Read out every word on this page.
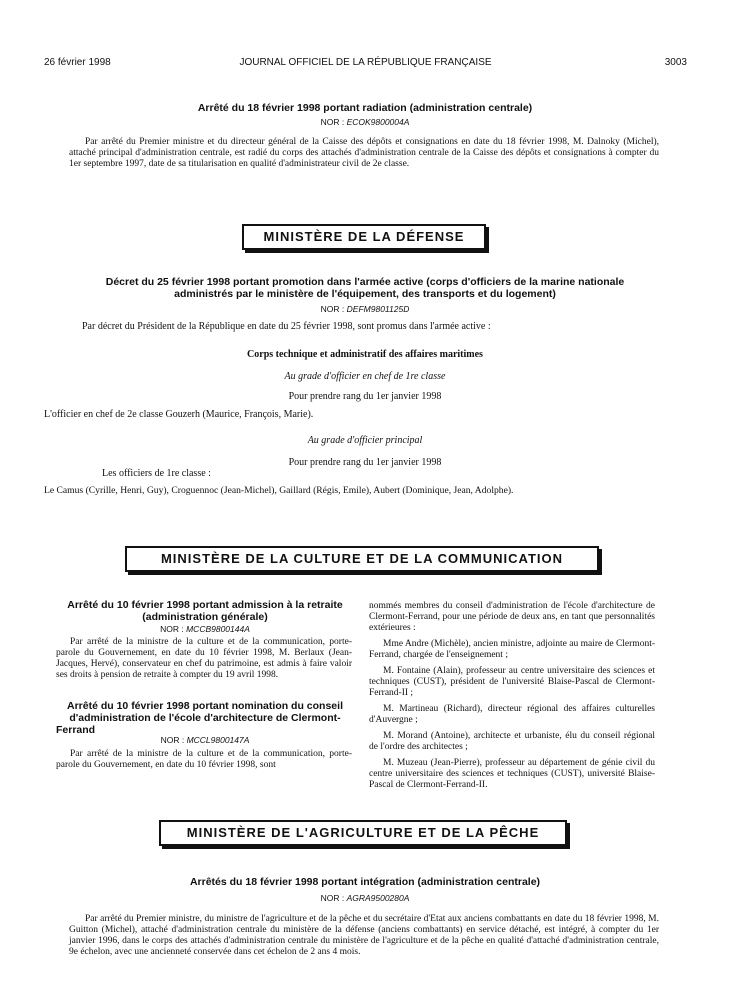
26 février 1998	JOURNAL OFFICIEL DE LA RÉPUBLIQUE FRANÇAISE	3003
Arrêté du 18 février 1998 portant radiation (administration centrale)
NOR : ECOK9800004A
Par arrêté du Premier ministre et du directeur général de la Caisse des dépôts et consignations en date du 18 février 1998, M. Dalnoky (Michel), attaché principal d'administration centrale, est radié du corps des attachés d'administration centrale de la Caisse des dépôts et consignations à compter du 1er septembre 1997, date de sa titularisation en qualité d'administrateur civil de 2e classe.
MINISTÈRE DE LA DÉFENSE
Décret du 25 février 1998 portant promotion dans l'armée active (corps d'officiers de la marine nationale
administrés par le ministère de l'équipement, des transports et du logement)
NOR : DEFM9801125D
Par décret du Président de la République en date du 25 février 1998, sont promus dans l'armée active :
Corps technique et administratif des affaires maritimes
Au grade d'officier en chef de 1re classe
Pour prendre rang du 1er janvier 1998
L'officier en chef de 2e classe Gouzerh (Maurice, François, Marie).
Au grade d'officier principal
Pour prendre rang du 1er janvier 1998
Les officiers de 1re classe :
Le Camus (Cyrille, Henri, Guy), Croguennoc (Jean-Michel), Gaillard (Régis, Emile), Aubert (Dominique, Jean, Adolphe).
MINISTÈRE DE LA CULTURE ET DE LA COMMUNICATION
Arrêté du 10 février 1998 portant admission à la retraite
(administration générale)
NOR : MCCB9800144A
Par arrêté de la ministre de la culture et de la communication, porte-parole du Gouvernement, en date du 10 février 1998, M. Berlaux (Jean-Jacques, Hervé), conservateur en chef du patrimoine, est admis à faire valoir ses droits à pension de retraite à compter du 19 avril 1998.
Arrêté du 10 février 1998 portant nomination du conseil
d'administration de l'école d'architecture de Clermont-
Ferrand
NOR : MCCL9800147A
Par arrêté de la ministre de la culture et de la communication, porte-parole du Gouvernement, en date du 10 février 1998, sont

nommés membres du conseil d'administration de l'école d'architecture de Clermont-Ferrand, pour une période de deux ans, en tant que personnalités extérieures :

Mme Andre (Michèle), ancien ministre, adjointe au maire de Clermont-Ferrand, chargée de l'enseignement ;

M. Fontaine (Alain), professeur au centre universitaire des sciences et techniques (CUST), président de l'université Blaise-Pascal de Clermont-Ferrand-II ;

M. Martineau (Richard), directeur régional des affaires culturelles d'Auvergne ;

M. Morand (Antoine), architecte et urbaniste, élu du conseil régional de l'ordre des architectes ;

M. Muzeau (Jean-Pierre), professeur au département de génie civil du centre universitaire des sciences et techniques (CUST), université Blaise-Pascal de Clermont-Ferrand-II.

MINISTÈRE DE L'AGRICULTURE ET DE LA PÊCHE
Arrêtés du 18 février 1998 portant intégration (administration centrale)
NOR : AGRA9500280A
Par arrêté du Premier ministre, du ministre de l'agriculture et de la pêche et du secrétaire d'Etat aux anciens combattants en date du 18 février 1998, M. Guitton (Michel), attaché d'administration centrale du ministère de la défense (anciens combattants) en service détaché, est intégré, à compter du 1er janvier 1996, dans le corps des attachés d'administration centrale du ministère de l'agriculture et de la pêche en qualité d'attaché d'administration centrale, 9e échelon, avec une ancienneté conservée dans cet échelon de 2 ans 4 mois.
